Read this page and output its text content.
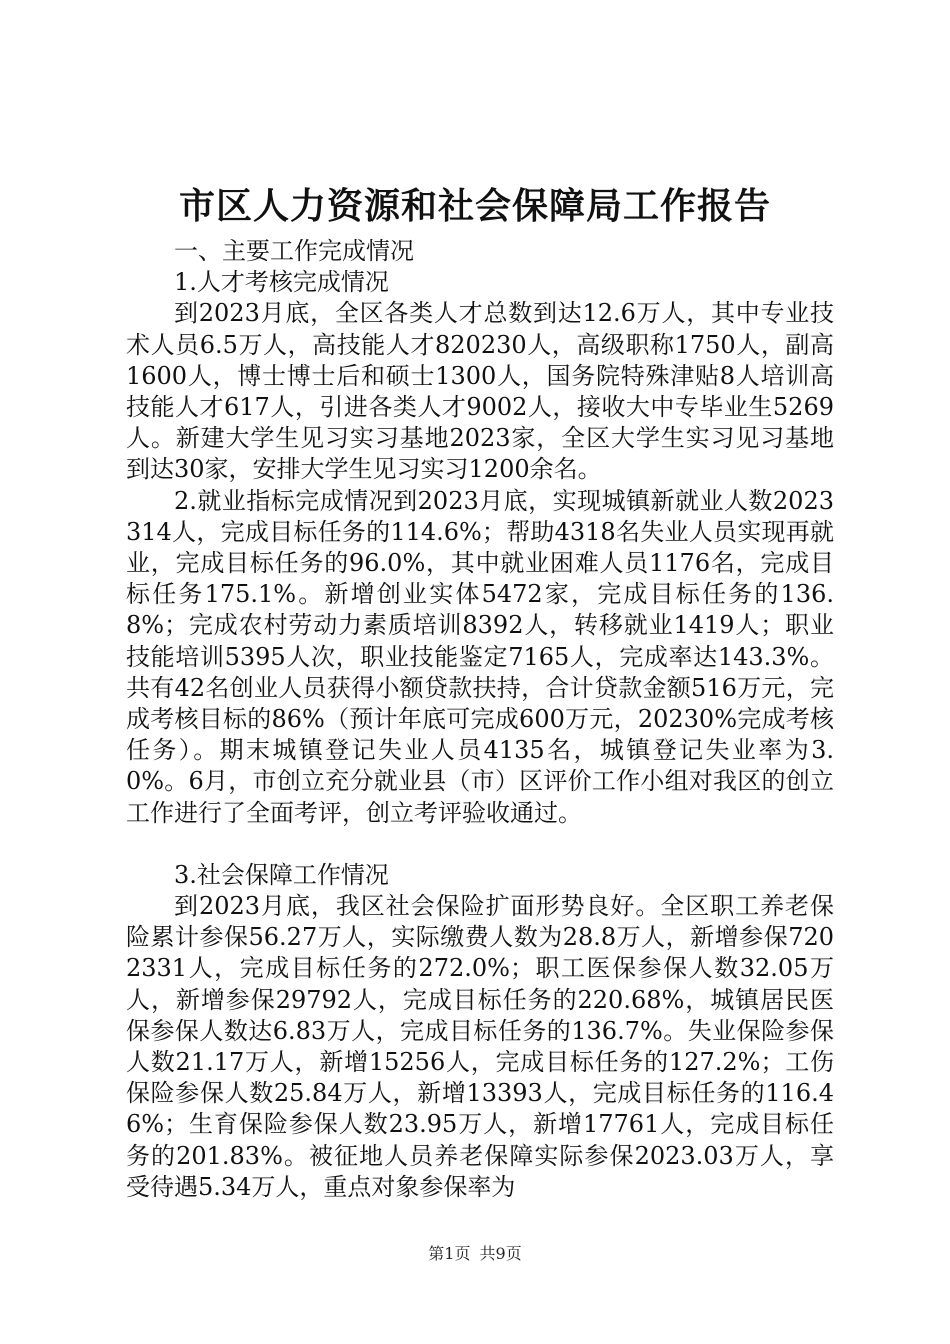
市区人力资源和社会保障局工作报告

一、主要工作完成情况

1.人才考核完成情况

到2023月底，全区各类人才总数到达12.6万人，其中专业技术人员6.5万人，高技能人才820230人，高级职称1750人，副高1600人，博士博士后和硕士1300人，国务院特殊津贴8人培训高技能人才617人，引进各类人才9002人，接收大中专毕业生5269人。新建大学生见习实习基地2023家，全区大学生实习见习基地到达30家，安排大学生见习实习1200余名。

2.就业指标完成情况到2023月底，实现城镇新就业人数2023314人，完成目标任务的114.6%；帮助4318名失业人员实现再就业，完成目标任务的96.0%，其中就业困难人员1176名，完成目标任务175.1%。新增创业实体5472家，完成目标任务的136.8%；完成农村劳动力素质培训8392人，转移就业1419人；职业技能培训5395人次，职业技能鉴定7165人，完成率达143.3%。共有42名创业人员获得小额贷款扶持，合计贷款金额516万元，完成考核目标的86%（预计年底可完成600万元，20230%完成考核任务）。期末城镇登记失业人员4135名，城镇登记失业率为3.0%。6月，市创立充分就业县（市）区评价工作小组对我区的创立工作进行了全面考评，创立考评验收通过。

3.社会保障工作情况

到2023月底，我区社会保险扩面形势良好。全区职工养老保险累计参保56.27万人，实际缴费人数为28.8万人，新增参保7202331人，完成目标任务的272.0%；职工医保参保人数32.05万人，新增参保29792人，完成目标任务的220.68%，城镇居民医保参保人数达6.83万人，完成目标任务的136.7%。失业保险参保人数21.17万人，新增15256人，完成目标任务的127.2%；工伤保险参保人数25.84万人，新增13393人，完成目标任务的116.46%；生育保险参保人数23.95万人，新增17761人，完成目标任务的201.83%。被征地人员养老保障实际参保2023.03万人，享受待遇5.34万人，重点对象参保率为

第1页 共9页
